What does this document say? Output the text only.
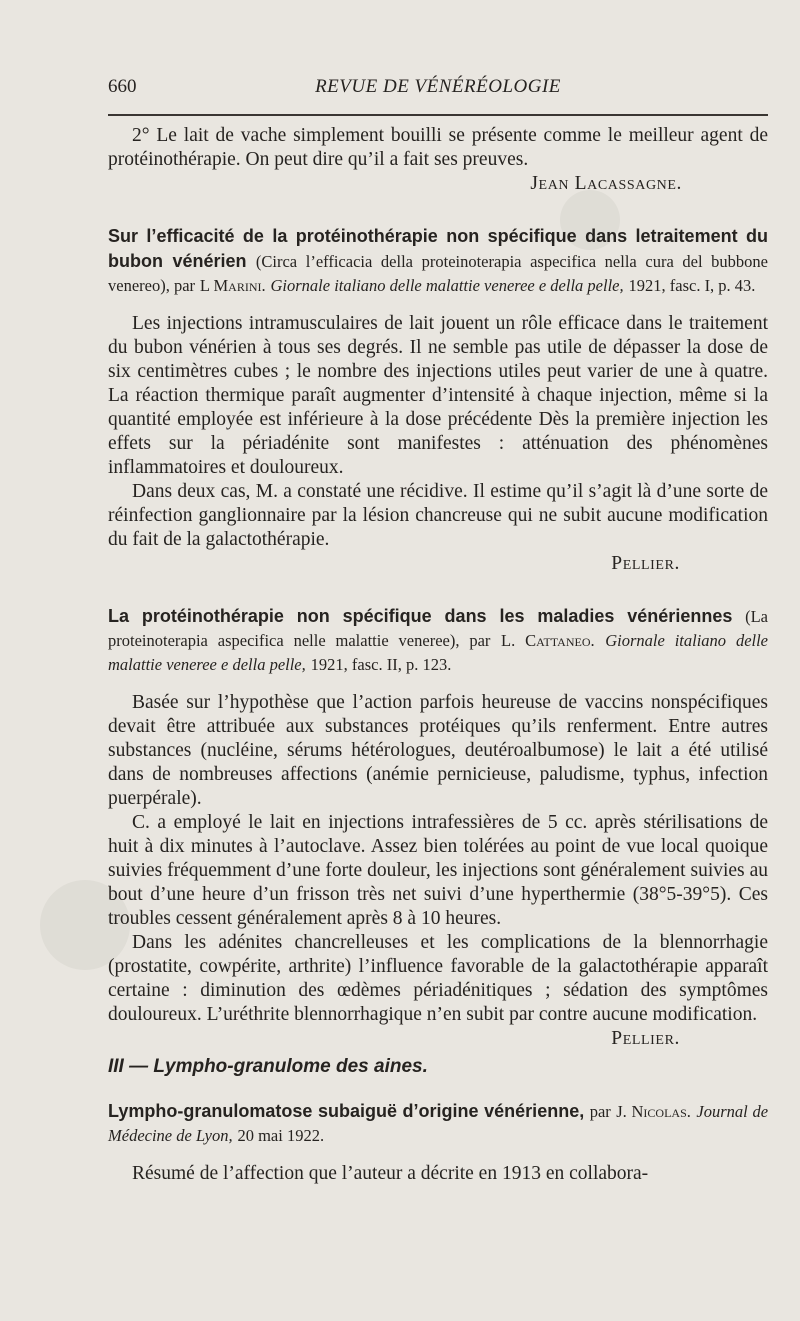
660	REVUE DE VÉNÉRÉOLOGIE

2° Le lait de vache simplement bouilli se présente comme le meilleur agent de protéinothérapie. On peut dire qu’il a fait ses preuves.

Jean Lacassagne.

Sur l’efficacité de la protéinothérapie non spécifique dans letraitement du bubon vénérien (Circa l’efficacia della proteinoterapia aspecifica nella cura del bubbone venereo), par L Marini. Giornale italiano delle malattie veneree e della pelle, 1921, fasc. I, p. 43.

Les injections intramusculaires de lait jouent un rôle efficace dans le traitement du bubon vénérien à tous ses degrés. Il ne semble pas utile de dépasser la dose de six centimètres cubes ; le nombre des injections utiles peut varier de une à quatre. La réaction thermique paraît augmenter d’intensité à chaque injection, même si la quantité employée est inférieure à la dose précédente Dès la première injection les effets sur la périadénite sont manifestes : atténuation des phénomènes inflammatoires et douloureux.

Dans deux cas, M. a constaté une récidive. Il estime qu’il s’agit là d’une sorte de réinfection ganglionnaire par la lésion chancreuse qui ne subit aucune modification du fait de la galactothérapie.

Pellier.

La protéinothérapie non spécifique dans les maladies vénériennes (La proteinoterapia aspecifica nelle malattie veneree), par L. Cattaneo. Giornale italiano delle malattie veneree e della pelle, 1921, fasc. II, p. 123.

Basée sur l’hypothèse que l’action parfois heureuse de vaccins nonspécifiques devait être attribuée aux substances protéiques qu’ils renferment. Entre autres substances (nucléine, sérums hétérologues, deutéroalbumose) le lait a été utilisé dans de nombreuses affections (anémie pernicieuse, paludisme, typhus, infection puerpérale).

C. a employé le lait en injections intrafessières de 5 cc. après stérilisations de huit à dix minutes à l’autoclave. Assez bien tolérées au point de vue local quoique suivies fréquemment d’une forte douleur, les injections sont généralement suivies au bout d’une heure d’un frisson très net suivi d’une hyperthermie (38°5-39°5). Ces troubles cessent généralement après 8 à 10 heures.

Dans les adénites chancrelleuses et les complications de la blennorrhagie (prostatite, cowpérite, arthrite) l’influence favorable de la galactothérapie apparaît certaine : diminution des œdèmes périadénitiques ; sédation des symptômes douloureux. L’uréthrite blennorrhagique n’en subit par contre aucune modification.

Pellier.

III — Lympho-granulome des aines.

Lympho-granulomatose subaiguë d’origine vénérienne, par J. Nicolas. Journal de Médecine de Lyon, 20 mai 1922.

Résumé de l’affection que l’auteur a décrite en 1913 en collabora-
